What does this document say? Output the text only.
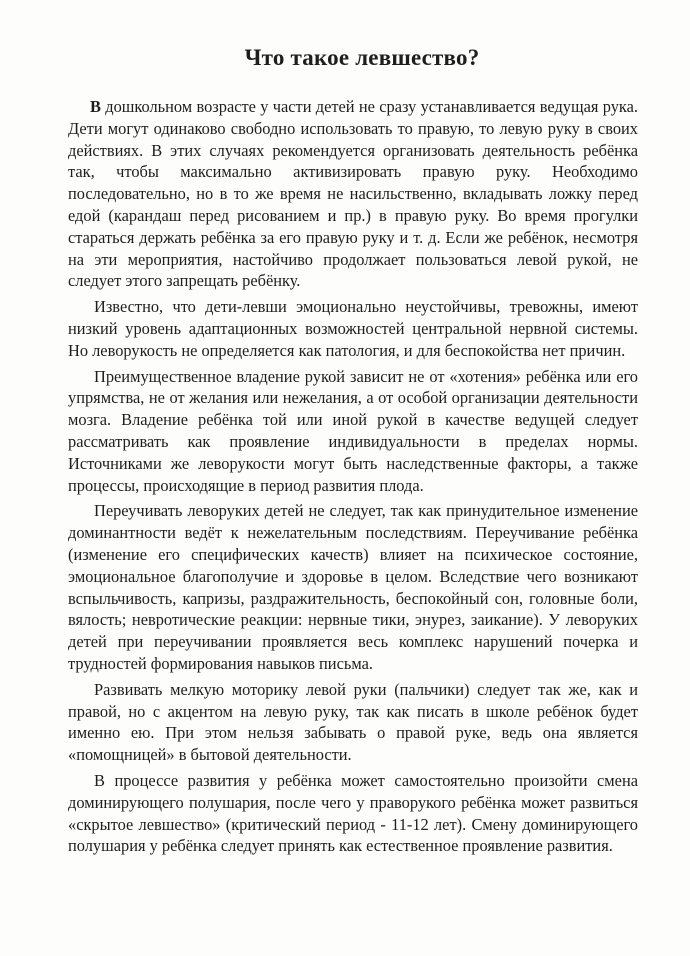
Что такое левшество?

В дошкольном возрасте у части детей не сразу устанавливается ведущая рука. Дети могут одинаково свободно использовать то правую, то левую руку в своих действиях. В этих случаях рекомендуется организовать деятельность ребёнка так, чтобы максимально активизировать правую руку. Необходимо последовательно, но в то же время не насильственно, вкладывать ложку перед едой (карандаш перед рисованием и пр.) в правую руку. Во время прогулки стараться держать ребёнка за его правую руку и т. д. Если же ребёнок, несмотря на эти мероприятия, настойчиво продолжает пользоваться левой рукой, не следует этого запрещать ребёнку.

Известно, что дети-левши эмоционально неустойчивы, тревожны, имеют низкий уровень адаптационных возможностей центральной нервной системы. Но леворукость не определяется как патология, и для беспокойства нет причин.

Преимущественное владение рукой зависит не от «хотения» ребёнка или его упрямства, не от желания или нежелания, а от особой организации деятельности мозга. Владение ребёнка той или иной рукой в качестве ведущей следует рассматривать как проявление индивидуальности в пределах нормы. Источниками же леворукости могут быть наследственные факторы, а также процессы, происходящие в период развития плода.

Переучивать леворуких детей не следует, так как принудительное изменение доминантности ведёт к нежелательным последствиям. Переучивание ребёнка (изменение его специфических качеств) влияет на психическое состояние, эмоциональное благополучие и здоровье в целом. Вследствие чего возникают вспыльчивость, капризы, раздражительность, беспокойный сон, головные боли, вялость; невротические реакции: нервные тики, энурез, заикание). У леворуких детей при переучивании проявляется весь комплекс нарушений почерка и трудностей формирования навыков письма.

Развивать мелкую моторику левой руки (пальчики) следует так же, как и правой, но с акцентом на левую руку, так как писать в школе ребёнок будет именно ею. При этом нельзя забывать о правой руке, ведь она является «помощницей» в бытовой деятельности.

В процессе развития у ребёнка может самостоятельно произойти смена доминирующего полушария, после чего у праворукого ребёнка может развиться «скрытое левшество» (критический период - 11-12 лет). Смену доминирующего полушария у ребёнка следует принять как естественное проявление развития.
